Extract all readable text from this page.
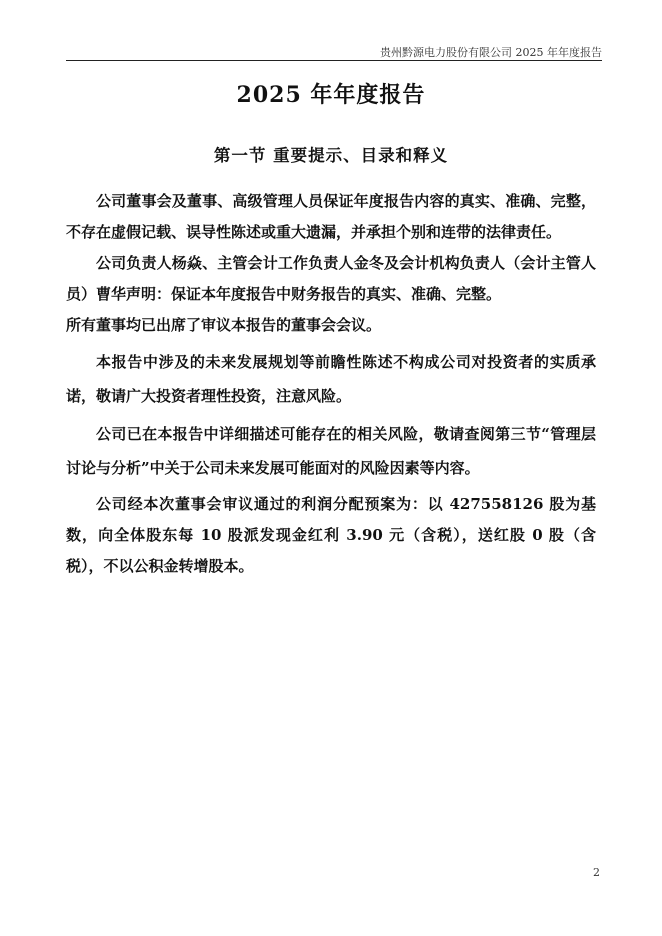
贵州黔源电力股份有限公司 2025 年年度报告
2025 年年度报告
第一节 重要提示、目录和释义

公司董事会及董事、高级管理人员保证年度报告内容的真实、准确、完整，不存在虚假记载、误导性陈述或重大遗漏，并承担个别和连带的法律责任。

公司负责人杨焱、主管会计工作负责人金冬及会计机构负责人（会计主管人员）曹华声明：保证本年度报告中财务报告的真实、准确、完整。

所有董事均已出席了审议本报告的董事会会议。

本报告中涉及的未来发展规划等前瞻性陈述不构成公司对投资者的实质承诺，敬请广大投资者理性投资，注意风险。

公司已在本报告中详细描述可能存在的相关风险，敬请查阅第三节“管理层讨论与分析”中关于公司未来发展可能面对的风险因素等内容。

公司经本次董事会审议通过的利润分配预案为：以 427558126 股为基数，向全体股东每 10 股派发现金红利 3.90 元（含税），送红股 0 股（含税），不以公积金转增股本。

2
